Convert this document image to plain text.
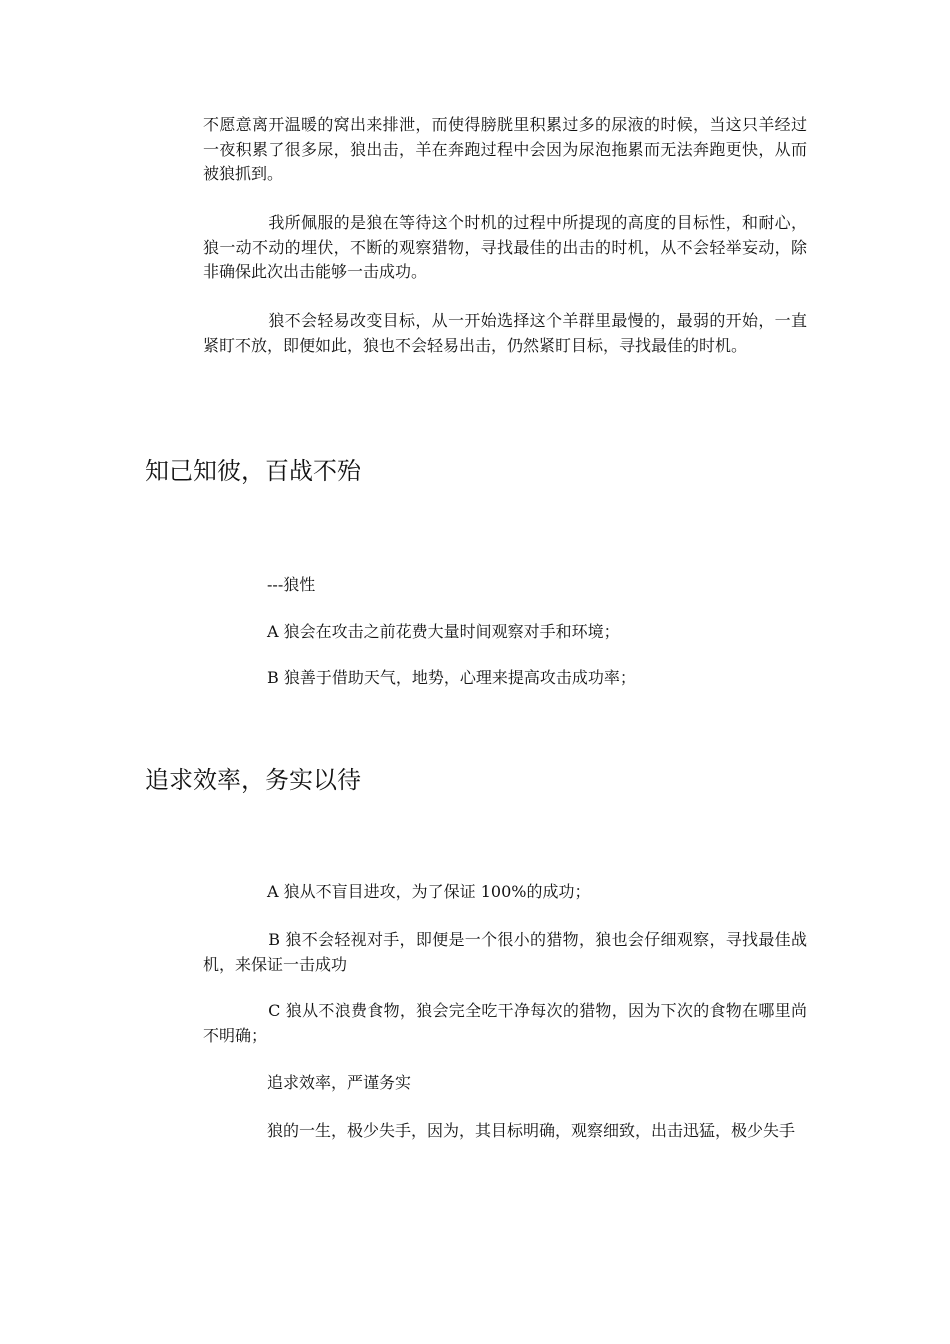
不愿意离开温暖的窝出来排泄，而使得膀胱里积累过多的尿液的时候，当这只羊经过一夜积累了很多尿，狼出击，羊在奔跑过程中会因为尿泡拖累而无法奔跑更快，从而被狼抓到。

　　　　我所佩服的是狼在等待这个时机的过程中所提现的高度的目标性，和耐心，狼一动不动的埋伏，不断的观察猎物，寻找最佳的出击的时机，从不会轻举妄动，除非确保此次出击能够一击成功。

　　　　狼不会轻易改变目标，从一开始选择这个羊群里最慢的，最弱的开始，一直紧盯不放，即便如此，狼也不会轻易出击，仍然紧盯目标，寻找最佳的时机。

知己知彼，百战不殆

　　　　---狼性

　　　　A 狼会在攻击之前花费大量时间观察对手和环境；

　　　　B 狼善于借助天气，地势，心理来提高攻击成功率；

追求效率，务实以待

　　　　A 狼从不盲目进攻，为了保证 100%的成功；

　　　　B 狼不会轻视对手，即便是一个很小的猎物，狼也会仔细观察，寻找最佳战机，来保证一击成功

　　　　C 狼从不浪费食物，狼会完全吃干净每次的猎物，因为下次的食物在哪里尚不明确；

　　　　追求效率，严谨务实

　　　　狼的一生，极少失手，因为，其目标明确，观察细致，出击迅猛，极少失手
